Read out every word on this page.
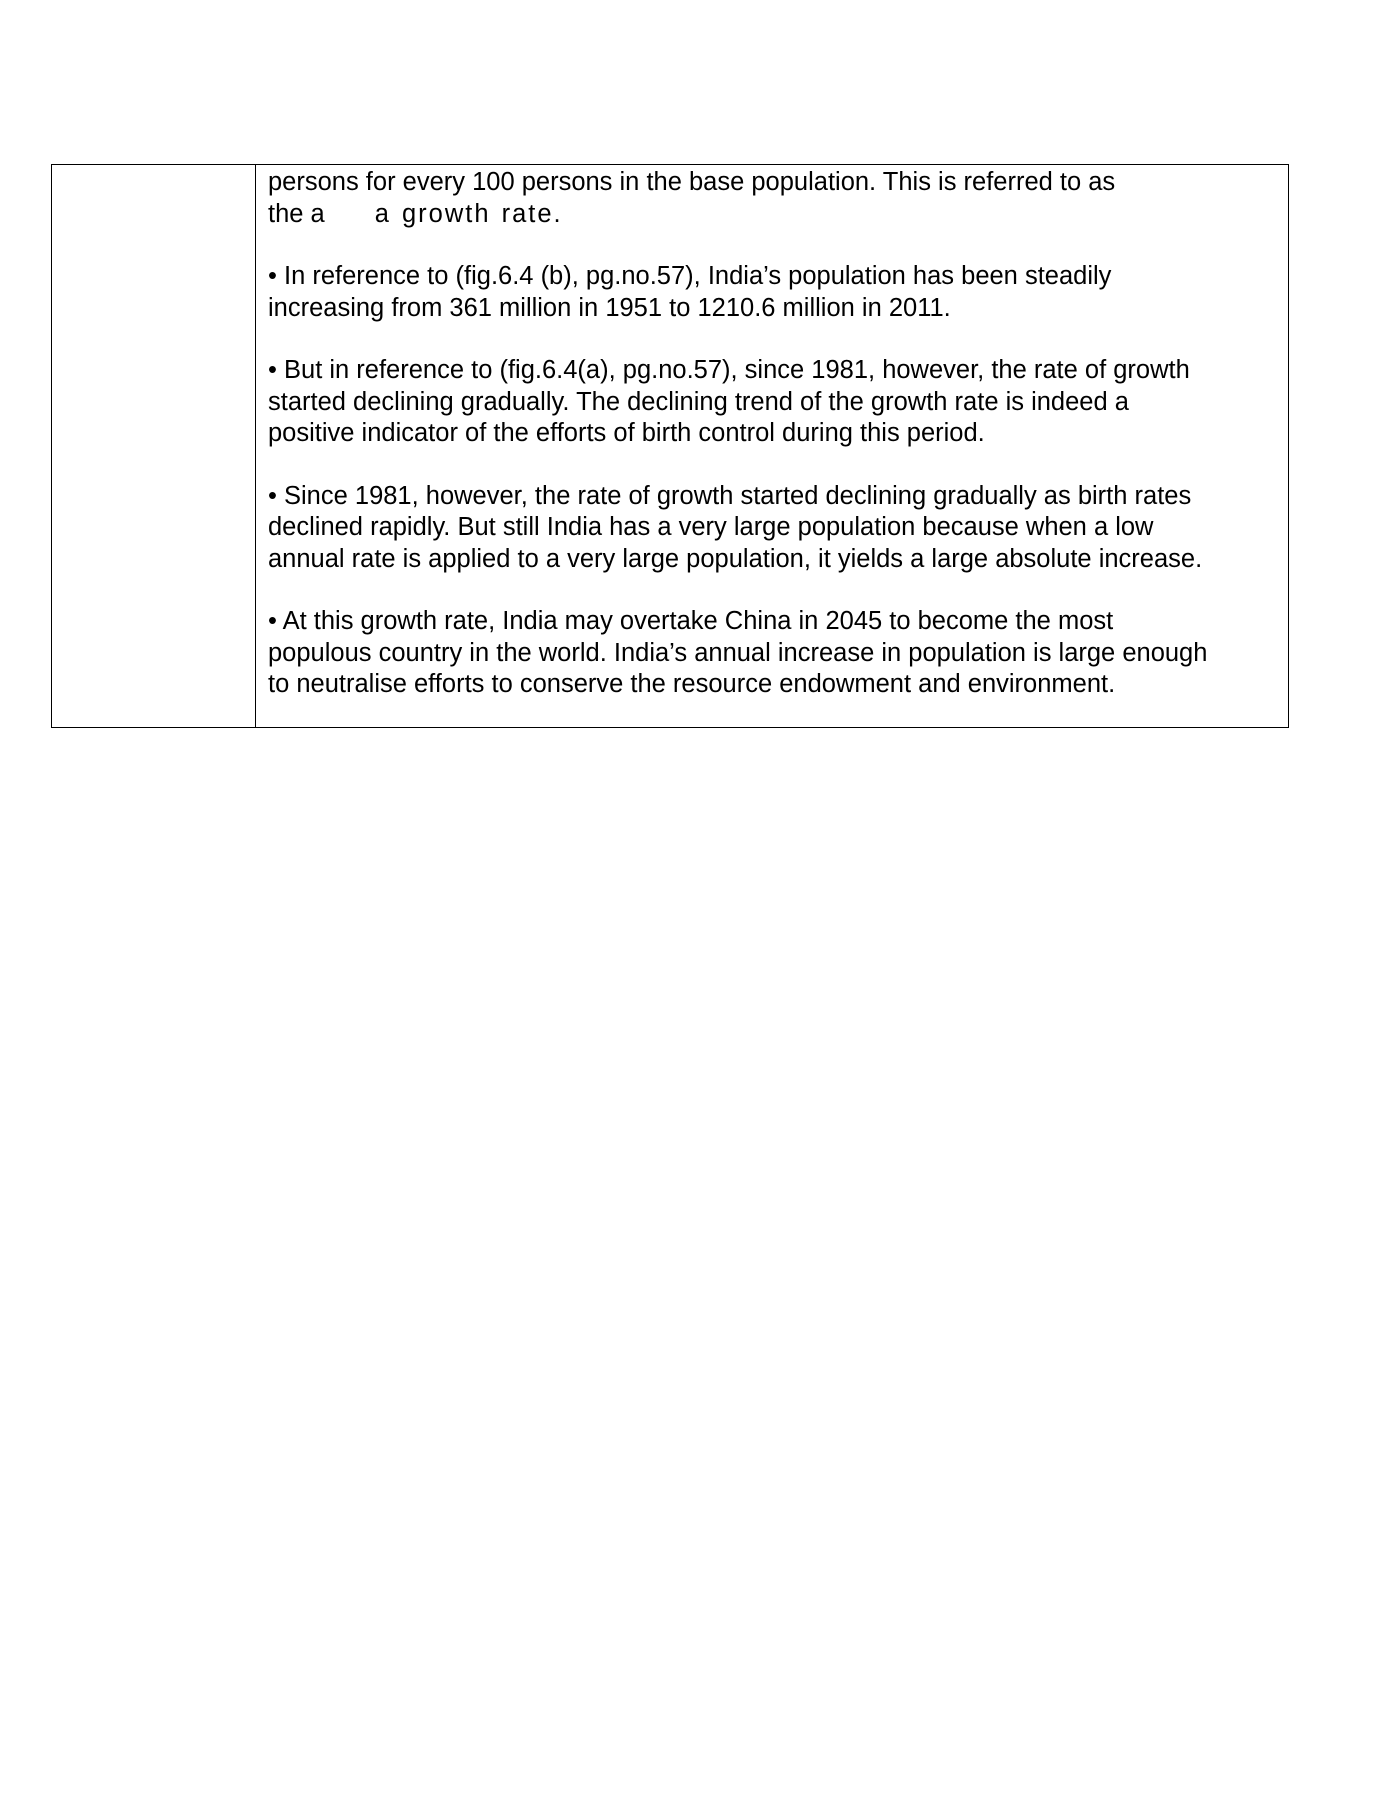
persons for every 100 persons in the base population. This is referred to as
the a a growth rate.
• In reference to (fig.6.4 (b), pg.no.57), India’s population has been steadily
increasing from 361 million in 1951 to 1210.6 million in 2011.
• But in reference to (fig.6.4(a), pg.no.57), since 1981, however, the rate of growth
started declining gradually. The declining trend of the growth rate is indeed a
positive indicator of the efforts of birth control during this period.
• Since 1981, however, the rate of growth started declining gradually as birth rates
declined rapidly. But still India has a very large population because when a low
annual rate is applied to a very large population, it yields a large absolute increase.
• At this growth rate, India may overtake China in 2045 to become the most
populous country in the world. India’s annual increase in population is large enough
to neutralise efforts to conserve the resource endowment and environment.
